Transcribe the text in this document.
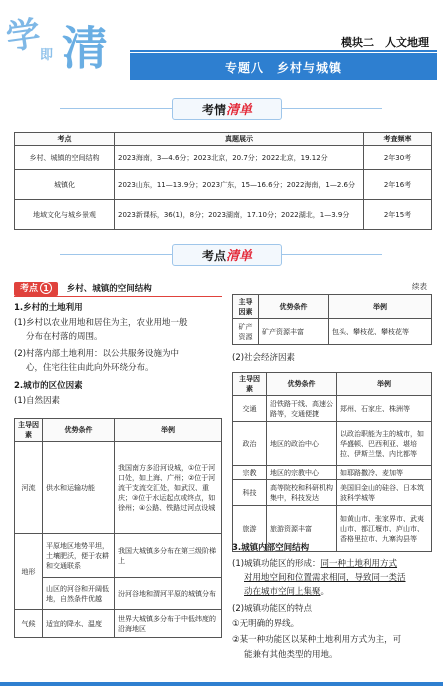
学 清
即
模块二　人文地理
专题八　乡村与城镇
考情清单
考点	真题展示	考查频率
乡村、城镇的空间结构	2023海南，3—4.6分；2023北京，20.7分；2022北京，19.12分	2年30考
城镇化	2023山东，11—13.9分；2023广东，15—16.6分；2022海南，1—2.6分	2年16考
地域文化与城乡景观	2023新课标，36(1)，8分；2023湖南，17.10分；2022湖北，1—3.9分	2年15考
考点清单
考点 1 乡村、城镇的空间结构
1.乡村的土地利用
(1)乡村以农业用地和居住为主，农业用地一般
分布在村落的周围。
(2)村落内部土地利用：以公共服务设施为中
心，住宅往往由此向外环绕分布。
2.城市的区位因素
(1)自然因素
主导因素	优势条件	举例
河流	供水和运输功能	我国南方多沿河设城，①位于河口处，如上海、广州；②位于河流干支流交汇处，如武汉、重庆；③位于水运起点或终点，如徐州；④公路、铁路过河点设城
地形	平原地区地势平坦，土壤肥沃，便于农耕和交通联系	我国大城镇多分布在第三级阶梯上
	山区的河谷和开阔低地，自然条件优越	汾河谷地和渭河平原的城镇分布
气候	适宜的降水、温度	世界大城镇多分布于中低纬度的沿海地区
续表
主导因素	优势条件	举例
矿产资源	矿产资源丰富	包头、攀枝花、攀枝花等
(2)社会经济因素
主导因素	优势条件	举例
交通	沿铁路干线、高速公路等，交通便捷	郑州、石家庄、株洲等
政治	地区的政治中心	以政治职能为主的城市，如华盛顿、巴西利亚、堪培拉、伊斯兰堡、内比都等
宗教	地区的宗教中心	如耶路撒冷、麦加等
科技	高等院校和科研机构集中，科技发达	美国旧金山的硅谷、日本筑波科学城等
旅游	旅游资源丰富	如黄山市、张家界市、武夷山市、都江堰市、庐山市、香格里拉市、九寨沟县等
3.城镇内部空间结构
(1)城镇功能区的形成：同一种土地利用方式
对用地空间和位置需求相同，导致同一类活
动在城市空间上集聚。
(2)城镇功能区的特点
①无明确的界线。
②某一种功能区以某种土地利用方式为主，可
能兼有其他类型的用地。
